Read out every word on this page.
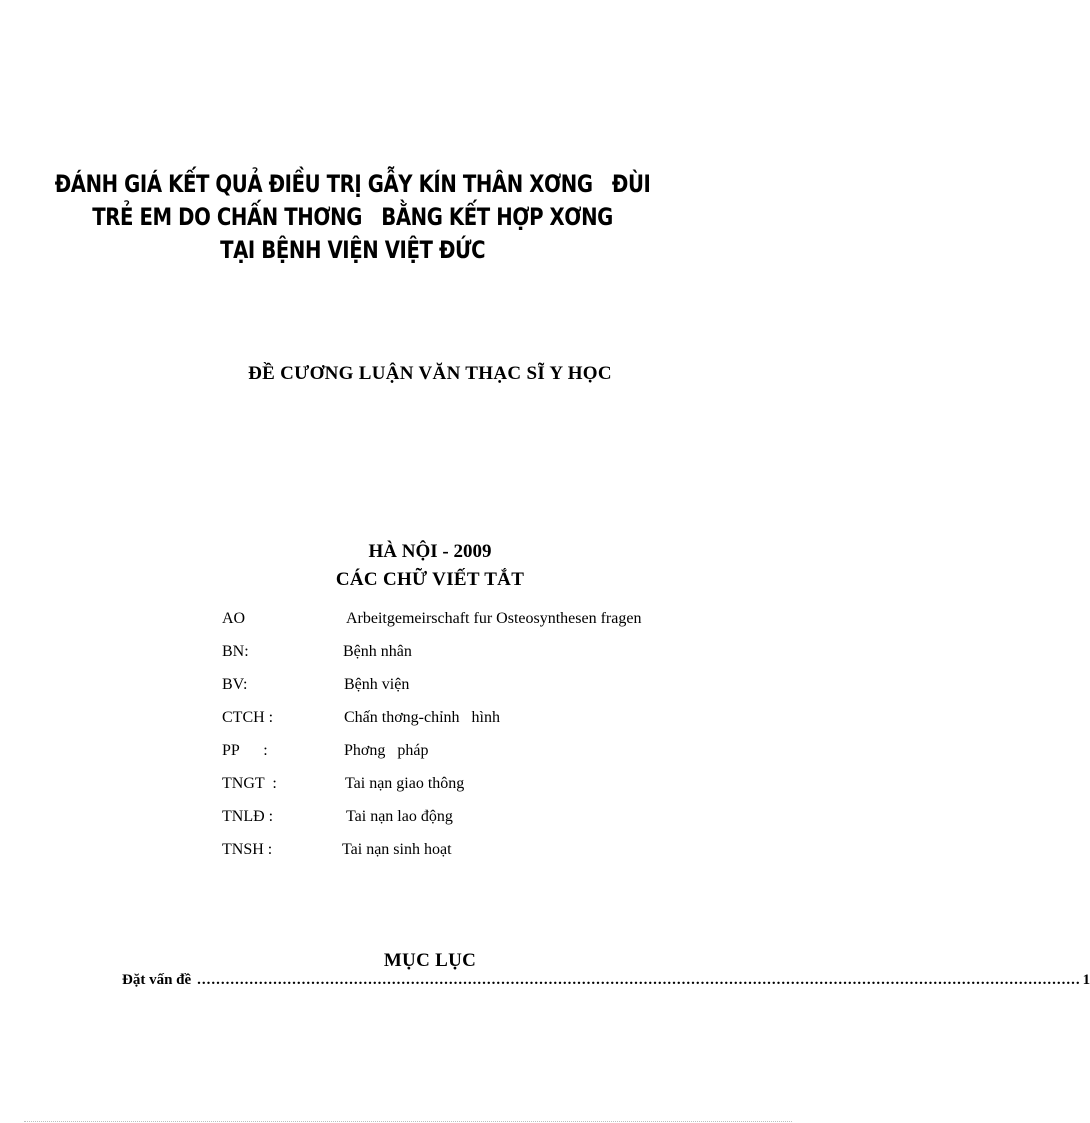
ĐÁNH GIÁ KẾT QUẢ ĐIỀU TRỊ GẪY KÍN THÂN XƠNG   ĐÙI
TRẺ EM DO CHẤN THƠNG   BẰNG KẾT HỢP XƠNG
TẠI BỆNH VIỆN VIỆT ĐỨC
ĐỀ CƯƠNG LUẬN VĂN THẠC SĨ Y HỌC
HÀ NỘI - 2009
CÁC CHỮ VIẾT TẮT
AO	Arbeitgemeirschaft fur Osteosynthesen fragen
BN:	Bệnh nhân
BV:	Bệnh viện
CTCH :	Chấn thơng-chỉnh   hình
PP      :	Phơng   pháp
TNGT  :	Tai nạn giao thông
TNLĐ :	Tai nạn lao động
TNSH :	Tai nạn sinh hoạt
MỤC LỤC
Đặt vấn đề .......................................................................................................................................................................................... 1
